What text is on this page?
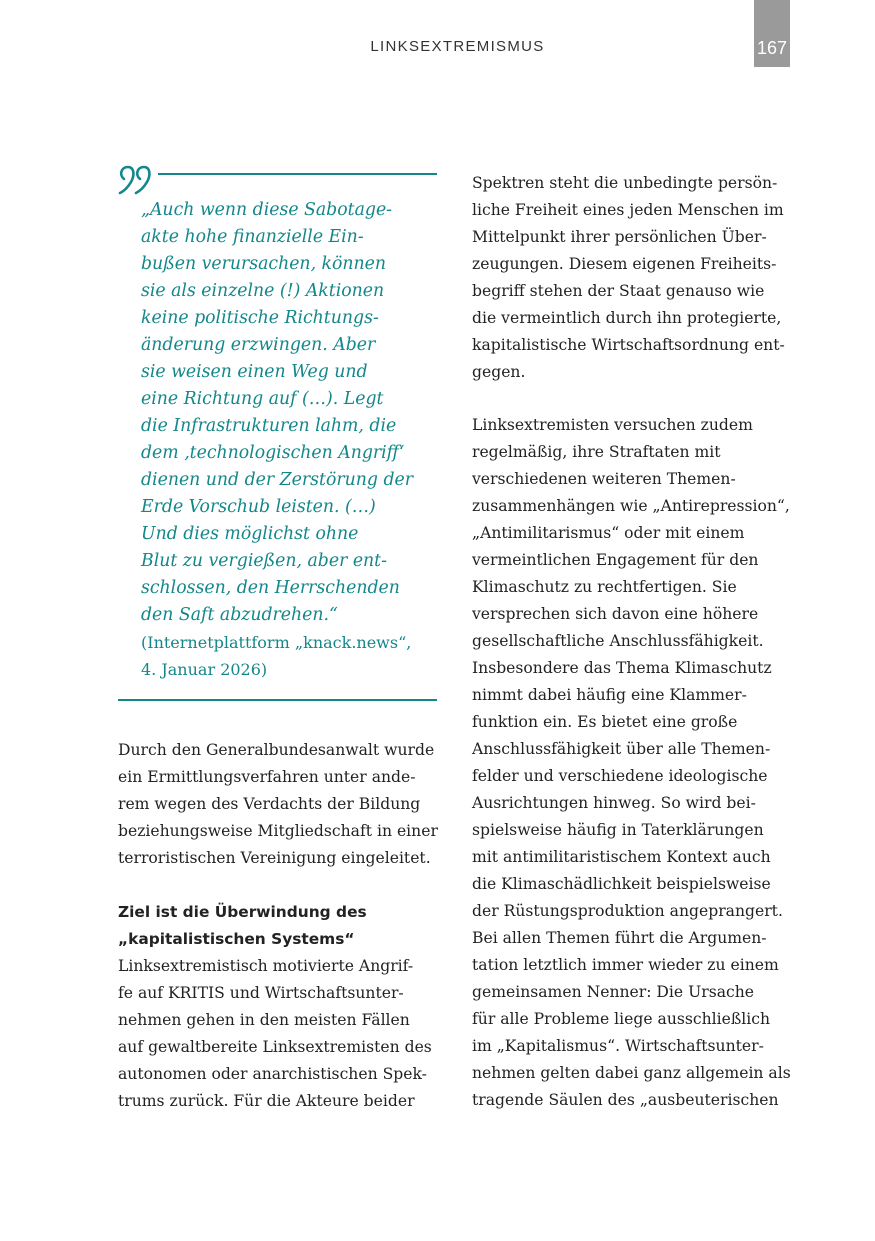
LINKSEXTREMISMUS	167

„Auch wenn diese Sabotage-
akte hohe finanzielle Ein-
bußen verursachen, können
sie als einzelne (!) Aktionen
keine politische Richtungs-
änderung erzwingen. Aber
sie weisen einen Weg und
eine Richtung auf (…). Legt
die Infrastrukturen lahm, die
dem ‚technologischen Angriff‘
dienen und der Zerstörung der
Erde Vorschub leisten. (…)
Und dies möglichst ohne
Blut zu vergießen, aber ent-
schlossen, den Herrschenden
den Saft abzudrehen.“

(Internetplattform „knack.news“,
4. Januar 2026)

Durch den Generalbundesanwalt wurde
ein Ermittlungsverfahren unter ande-
rem wegen des Verdachts der Bildung
beziehungsweise Mitgliedschaft in einer
terroristischen Vereinigung eingeleitet.
Ziel ist die Überwindung des
„kapitalistischen Systems“
Linksextremistisch motivierte Angrif-
fe auf KRITIS und Wirtschaftsunter-
nehmen gehen in den meisten Fällen
auf gewaltbereite Linksextremisten des
autonomen oder anarchistischen Spek-
trums zurück. Für die Akteure beider
Spektren steht die unbedingte persön-
liche Freiheit eines jeden Menschen im
Mittelpunkt ihrer persönlichen Über-
zeugungen. Diesem eigenen Freiheits-
begriff stehen der Staat genauso wie
die vermeintlich durch ihn protegierte,
kapitalistische Wirtschaftsordnung ent-
gegen.
Linksextremisten versuchen zudem
regelmäßig, ihre Straftaten mit
verschiedenen weiteren Themen-
zusammenhängen wie „Antirepression“,
„Antimilitarismus“ oder mit einem
vermeintlichen Engagement für den
Klimaschutz zu rechtfertigen. Sie
versprechen sich davon eine höhere
gesellschaftliche Anschlussfähigkeit.
Insbesondere das Thema Klimaschutz
nimmt dabei häufig eine Klammer-
funktion ein. Es bietet eine große
Anschlussfähigkeit über alle Themen-
felder und verschiedene ideologische
Ausrichtungen hinweg. So wird bei-
spielsweise häufig in Taterklärungen
mit antimilitaristischem Kontext auch
die Klimaschädlichkeit beispielsweise
der Rüstungsproduktion angeprangert.
Bei allen Themen führt die Argumen-
tation letztlich immer wieder zu einem
gemeinsamen Nenner: Die Ursache
für alle Probleme liege ausschließlich
im „Kapitalismus“. Wirtschaftsunter-
nehmen gelten dabei ganz allgemein als
tragende Säulen des „ausbeuterischen
